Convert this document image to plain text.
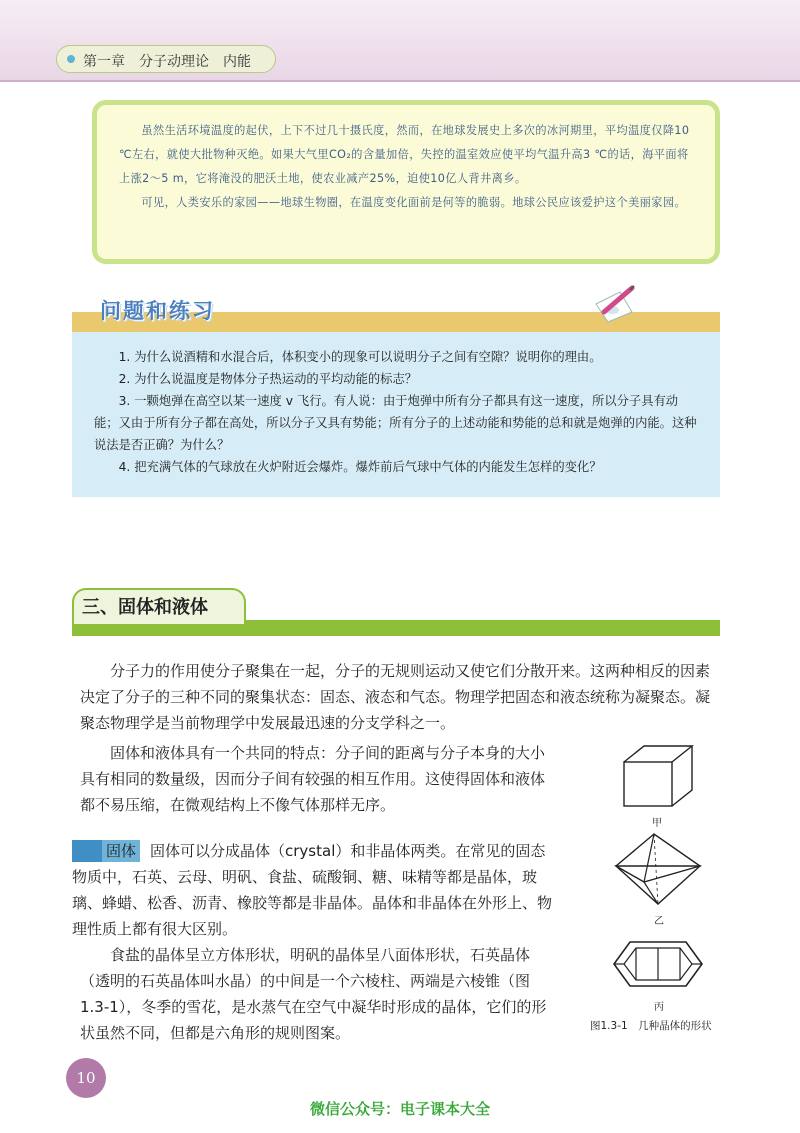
第一章　分子动理论　内能

虽然生活环境温度的起伏，上下不过几十摄氏度，然而，在地球发展史上多次的冰河期里，平均温度仅降10 ℃左右，就使大批物种灭绝。如果大气里CO₂的含量加倍，失控的温室效应使平均气温升高3 ℃的话，海平面将上涨2～5 m，它将淹没的肥沃土地，使农业减产25%，迫使10亿人背井离乡。

可见，人类安乐的家园——地球生物圈，在温度变化面前是何等的脆弱。地球公民应该爱护这个美丽家园。

问题和练习

1. 为什么说酒精和水混合后，体积变小的现象可以说明分子之间有空隙？说明你的理由。

2. 为什么说温度是物体分子热运动的平均动能的标志？

3. 一颗炮弹在高空以某一速度 v 飞行。有人说：由于炮弹中所有分子都具有这一速度，所以分子具有动能；又由于所有分子都在高处，所以分子又具有势能；所有分子的上述动能和势能的总和就是炮弹的内能。这种说法是否正确？为什么？

4. 把充满气体的气球放在火炉附近会爆炸。爆炸前后气球中气体的内能发生怎样的变化？

三、固体和液体

分子力的作用使分子聚集在一起，分子的无规则运动又使它们分散开来。这两种相反的因素决定了分子的三种不同的聚集状态：固态、液态和气态。物理学把固态和液态统称为凝聚态。凝聚态物理学是当前物理学中发展最迅速的分支学科之一。

固体和液体具有一个共同的特点：分子间的距离与分子本身的大小具有相同的数量级，因而分子间有较强的相互作用。这使得固体和液体都不易压缩，在微观结构上不像气体那样无序。

固体 固体可以分成晶体（crystal）和非晶体两类。在常见的固态物质中，石英、云母、明矾、食盐、硫酸铜、糖、味精等都是晶体，玻璃、蜂蜡、松香、沥青、橡胶等都是非晶体。晶体和非晶体在外形上、物理性质上都有很大区别。

食盐的晶体呈立方体形状，明矾的晶体呈八面体形状，石英晶体（透明的石英晶体叫水晶）的中间是一个六棱柱、两端是六棱锥（图1.3-1），冬季的雪花，是水蒸气在空气中凝华时形成的晶体，它们的形状虽然不同，但都是六角形的规则图案。

甲
乙
丙
图1.3-1　几种晶体的形状
10
微信公众号：电子课本大全
